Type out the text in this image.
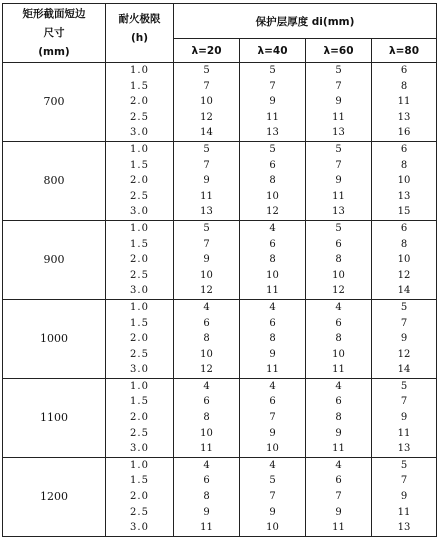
矩形截面短边
尺寸
(mm)	耐火极限
(h)	保护层厚度 di(mm)			
		λ=20	λ=40	λ=60	λ=80
700	1.0	5	5	5	6
	1.5	7	7	7	8
	2.0	10	9	9	11
	2.5	12	11	11	13
	3.0	14	13	13	16
800	1.0	5	5	5	6
	1.5	7	6	7	8
	2.0	9	8	9	10
	2.5	11	10	11	13
	3.0	13	12	13	15
900	1.0	5	4	5	6
	1.5	7	6	6	8
	2.0	9	8	8	10
	2.5	10	10	10	12
	3.0	12	11	12	14
1000	1.0	4	4	4	5
	1.5	6	6	6	7
	2.0	8	8	8	9
	2.5	10	9	10	12
	3.0	12	11	11	14
1100	1.0	4	4	4	5
	1.5	6	6	6	7
	2.0	8	7	8	9
	2.5	10	9	9	11
	3.0	11	10	11	13
1200	1.0	4	4	4	5
	1.5	6	5	6	7
	2.0	8	7	7	9
	2.5	9	9	9	11
	3.0	11	10	11	13
